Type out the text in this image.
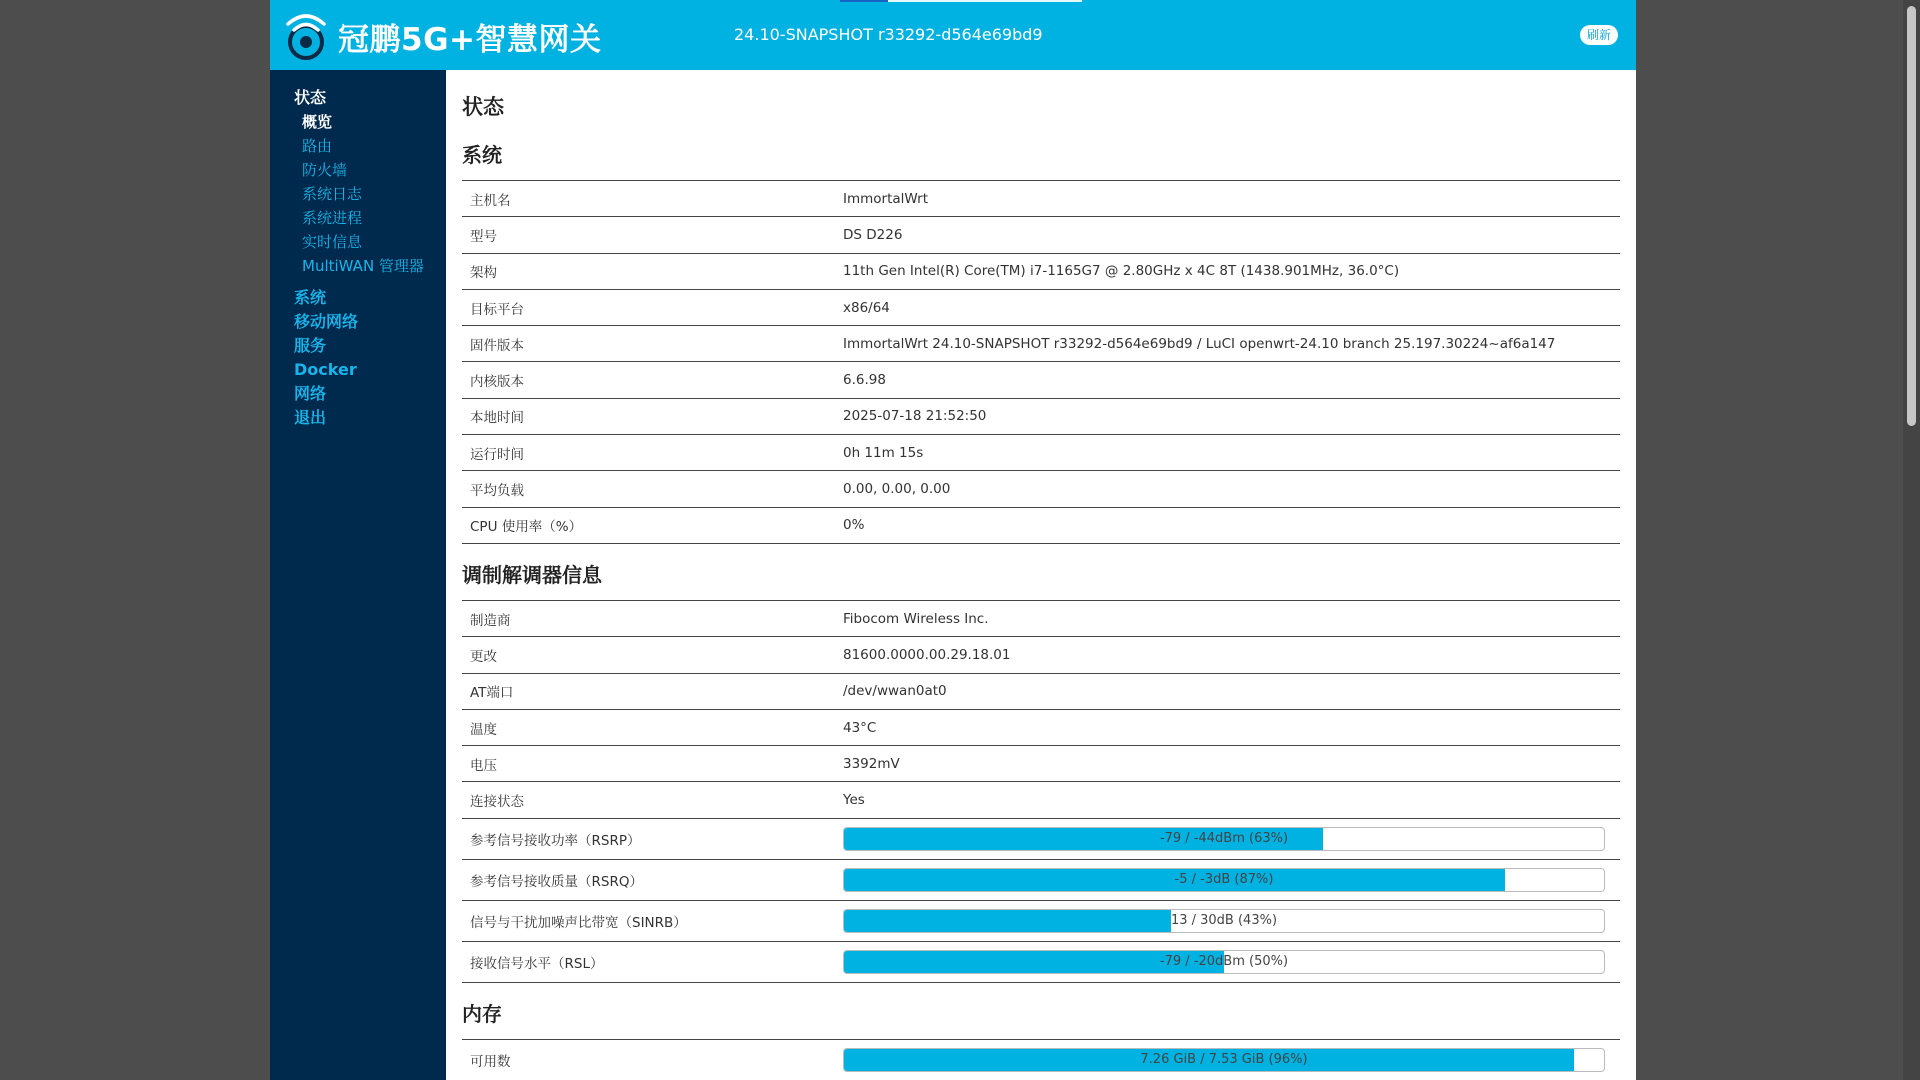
冠鹏5G+智慧网关	24.10-SNAPSHOT r33292-d564e69bd9	刷新
状态
概览
路由
防火墙
系统日志
系统进程
实时信息
MultiWAN 管理器
系统
移动网络
服务
Docker
网络
退出
状态
系统
主机名	ImmortalWrt
型号	DS D226
架构	11th Gen Intel(R) Core(TM) i7-1165G7 @ 2.80GHz x 4C 8T (1438.901MHz, 36.0°C)
目标平台	x86/64
固件版本	ImmortalWrt 24.10-SNAPSHOT r33292-d564e69bd9 / LuCI openwrt-24.10 branch 25.197.30224~af6a147
内核版本	6.6.98
本地时间	2025-07-18 21:52:50
运行时间	0h 11m 15s
平均负载	0.00, 0.00, 0.00
CPU 使用率（%）	0%
调制解调器信息
制造商	Fibocom Wireless Inc.
更改	81600.0000.00.29.18.01
AT端口	/dev/wwan0at0
温度	43°C
电压	3392mV
连接状态	Yes
参考信号接收功率（RSRP）	-79 / -44dBm (63%)
参考信号接收质量（RSRQ）	-5 / -3dB (87%)
信号与干扰加噪声比带宽（SINRB）	13 / 30dB (43%)
接收信号水平（RSL）	-79 / -20dBm (50%)
内存
可用数	7.26 GiB / 7.53 GiB (96%)
